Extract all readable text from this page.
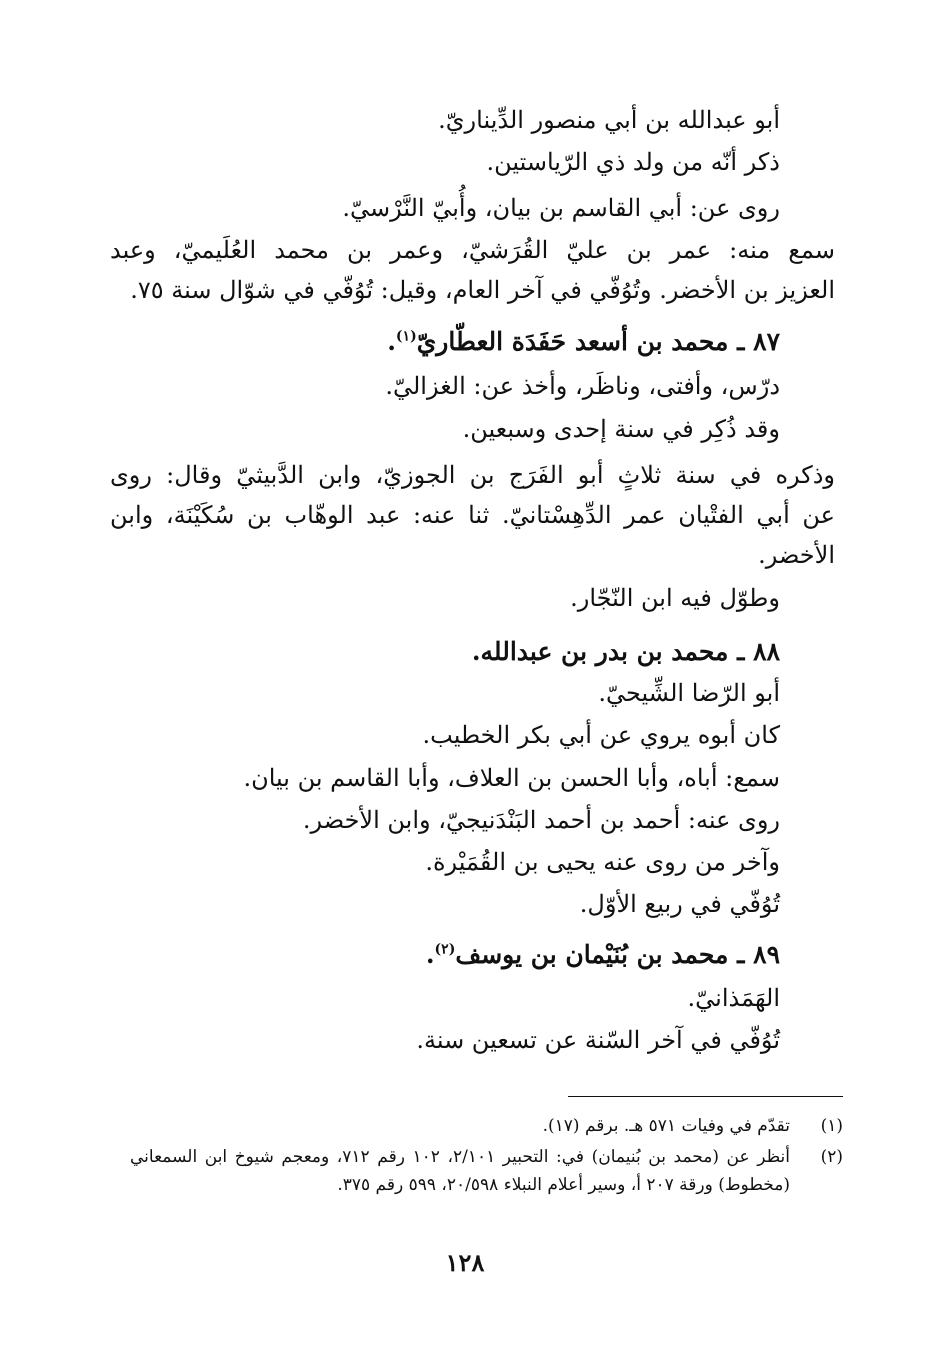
أبو عبدالله بن أبي منصور الدِّيناريّ.
ذكر أنّه من ولد ذي الرّياستين.
روى عن: أبي القاسم بن بيان، وأُبيّ النَّرْسيّ.
سمع منه: عمر بن عليّ القُرَشيّ، وعمر بن محمد العُلَيميّ، وعبد
العزيز بن الأخضر. وتُوُفّي في آخر العام، وقيل: تُوُفّي في شوّال سنة ٧٥.
٨٧ ـ محمد بن أسعد حَفَدَة العطّاريّ$^{(١)}$.
درّس، وأفتى، وناظَر، وأخذ عن: الغزاليّ.
وقد ذُكِر في سنة إحدى وسبعين.
وذكره في سنة ثلاثٍ أبو الفَرَج بن الجوزيّ، وابن الدَّبيثيّ وقال: روى
عن أبي الفتْيان عمر الدِّهِسْتانيّ. ثنا عنه: عبد الوهّاب بن سُكَيْنَة، وابن
الأخضر.
وطوّل فيه ابن النّجّار.
٨٨ ـ محمد بن بدر بن عبدالله.
أبو الرّضا الشِّيحيّ.
كان أبوه يروي عن أبي بكر الخطيب.
سمع: أباه، وأبا الحسن بن العلاف، وأبا القاسم بن بيان.
روى عنه: أحمد بن أحمد البَنْدَنيجيّ، وابن الأخضر.
وآخر من روى عنه يحيى بن القُمَيْرة.
تُوُفّي في ربيع الأوّل.
٨٩ ـ محمد بن بُنَيْمان بن يوسف$^{(٢)}$.
الهَمَذانيّ.
تُوُفّي في آخر السّنة عن تسعين سنة.
(١)
تقدّم في وفيات ٥٧١ هـ. برقم (١٧).
(٢)
أنظر عن (محمد بن بُنيمان) في: التحبير ٢/١٠١، ١٠٢ رقم ٧١٢، ومعجم شيوخ ابن السمعاني (مخطوط) ورقة ٢٠٧ أ، وسير أعلام النبلاء ٢٠/٥٩٨، ٥٩٩ رقم ٣٧٥.
١٢٨
